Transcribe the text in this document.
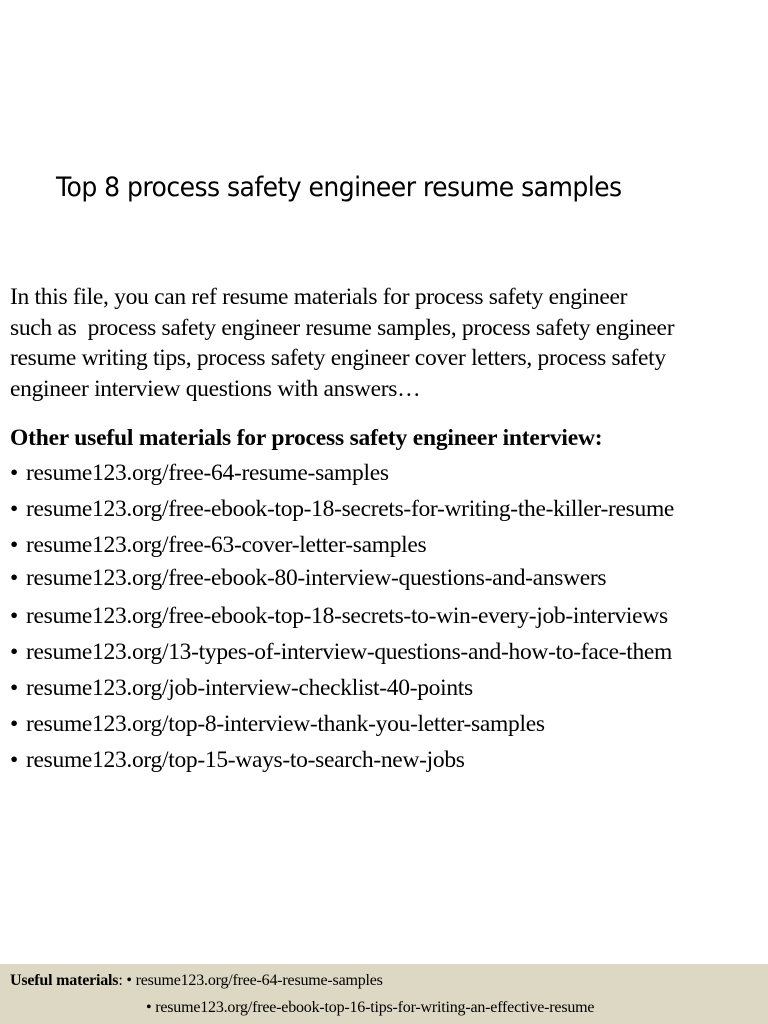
Top 8 process safety engineer resume samples
In this file, you can ref resume materials for process safety engineer
such as  process safety engineer resume samples, process safety engineer
resume writing tips, process safety engineer cover letters, process safety
engineer interview questions with answers…
Other useful materials for process safety engineer interview:
• resume123.org/free-64-resume-samples
• resume123.org/free-ebook-top-18-secrets-for-writing-the-killer-resume
• resume123.org/free-63-cover-letter-samples
• resume123.org/free-ebook-80-interview-questions-and-answers
• resume123.org/free-ebook-top-18-secrets-to-win-every-job-interviews
• resume123.org/13-types-of-interview-questions-and-how-to-face-them
• resume123.org/job-interview-checklist-40-points
• resume123.org/top-8-interview-thank-you-letter-samples
• resume123.org/top-15-ways-to-search-new-jobs
Useful materials: • resume123.org/free-64-resume-samples
• resume123.org/free-ebook-top-16-tips-for-writing-an-effective-resume
